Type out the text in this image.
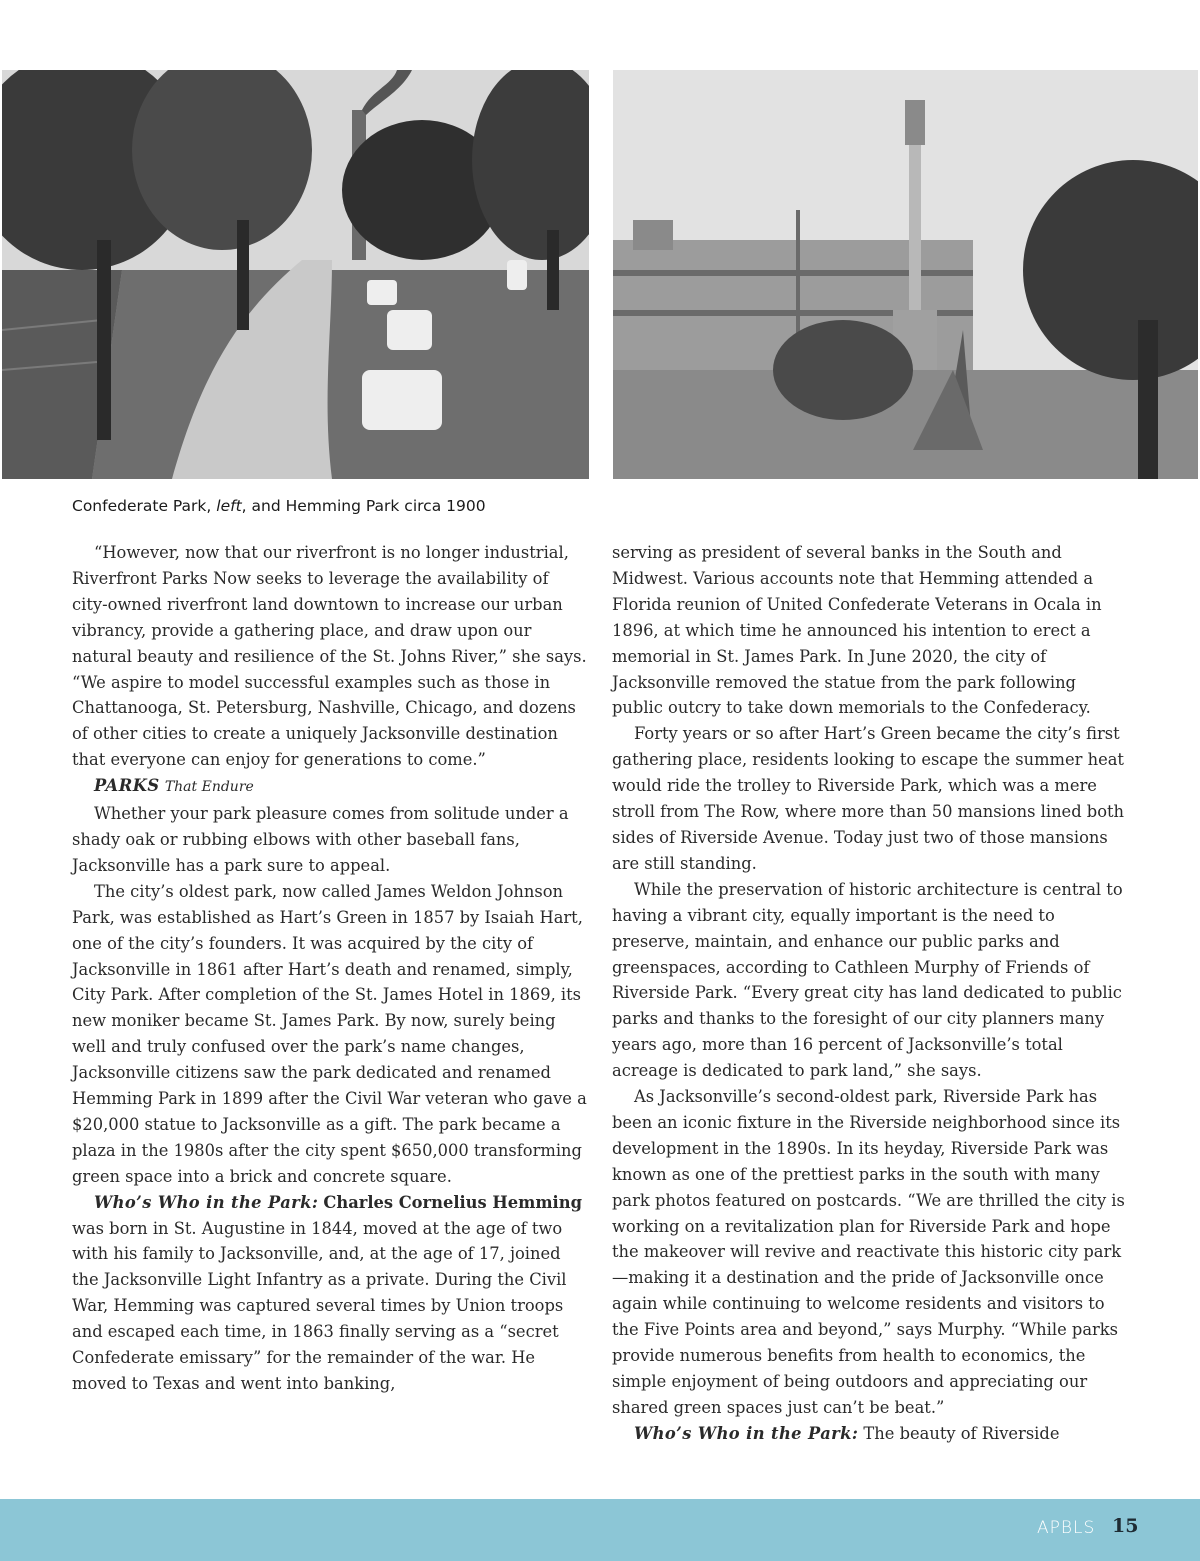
Confederate Park, left, and Hemming Park circa 1900

“However, now that our riverfront is no longer industrial, Riverfront Parks Now seeks to leverage the availability of city-owned riverfront land downtown to increase our urban vibrancy, provide a gathering place, and draw upon our natural beauty and resilience of the St. Johns River,” she says. “We aspire to model successful examples such as those in Chattanooga, St. Petersburg, Nashville, Chicago, and dozens of other cities to create a uniquely Jacksonville destination that everyone can enjoy for generations to come.”

PARKS That Endure

Whether your park pleasure comes from solitude under a shady oak or rubbing elbows with other baseball fans, Jacksonville has a park sure to appeal.

The city’s oldest park, now called James Weldon Johnson Park, was established as Hart’s Green in 1857 by Isaiah Hart, one of the city’s founders. It was acquired by the city of Jacksonville in 1861 after Hart’s death and renamed, simply, City Park. After completion of the St. James Hotel in 1869, its new moniker became St. James Park. By now, surely being well and truly confused over the park’s name changes, Jacksonville citizens saw the park dedicated and renamed Hemming Park in 1899 after the Civil War veteran who gave a $20,000 statue to Jacksonville as a gift. The park became a plaza in the 1980s after the city spent $650,000 transforming green space into a brick and concrete square.

Who’s Who in the Park: Charles Cornelius Hemming was born in St. Augustine in 1844, moved at the age of two with his family to Jacksonville, and, at the age of 17, joined the Jacksonville Light Infantry as a private. During the Civil War, Hemming was captured several times by Union troops and escaped each time, in 1863 finally serving as a “secret Confederate emissary” for the remainder of the war. He moved to Texas and went into banking,

serving as president of several banks in the South and Midwest. Various accounts note that Hemming attended a Florida reunion of United Confederate Veterans in Ocala in 1896, at which time he announced his intention to erect a memorial in St. James Park. In June 2020, the city of Jacksonville removed the statue from the park following public outcry to take down memorials to the Confederacy.

Forty years or so after Hart’s Green became the city’s first gathering place, residents looking to escape the summer heat would ride the trolley to Riverside Park, which was a mere stroll from The Row, where more than 50 mansions lined both sides of Riverside Avenue. Today just two of those mansions are still standing.

While the preservation of historic architecture is central to having a vibrant city, equally important is the need to preserve, maintain, and enhance our public parks and greenspaces, according to Cathleen Murphy of Friends of Riverside Park. “Every great city has land dedicated to public parks and thanks to the foresight of our city planners many years ago, more than 16 percent of Jacksonville’s total acreage is dedicated to park land,” she says.

As Jacksonville’s second-oldest park, Riverside Park has been an iconic fixture in the Riverside neighborhood since its development in the 1890s. In its heyday, Riverside Park was known as one of the prettiest parks in the south with many park photos featured on postcards. “We are thrilled the city is working on a revitalization plan for Riverside Park and hope the makeover will revive and reactivate this historic city park—making it a destination and the pride of Jacksonville once again while continuing to welcome residents and visitors to the Five Points area and beyond,” says Murphy. “While parks provide numerous benefits from health to economics, the simple enjoyment of being outdoors and appreciating our shared green spaces just can’t be beat.”

Who’s Who in the Park: The beauty of Riverside

APBLS 15
